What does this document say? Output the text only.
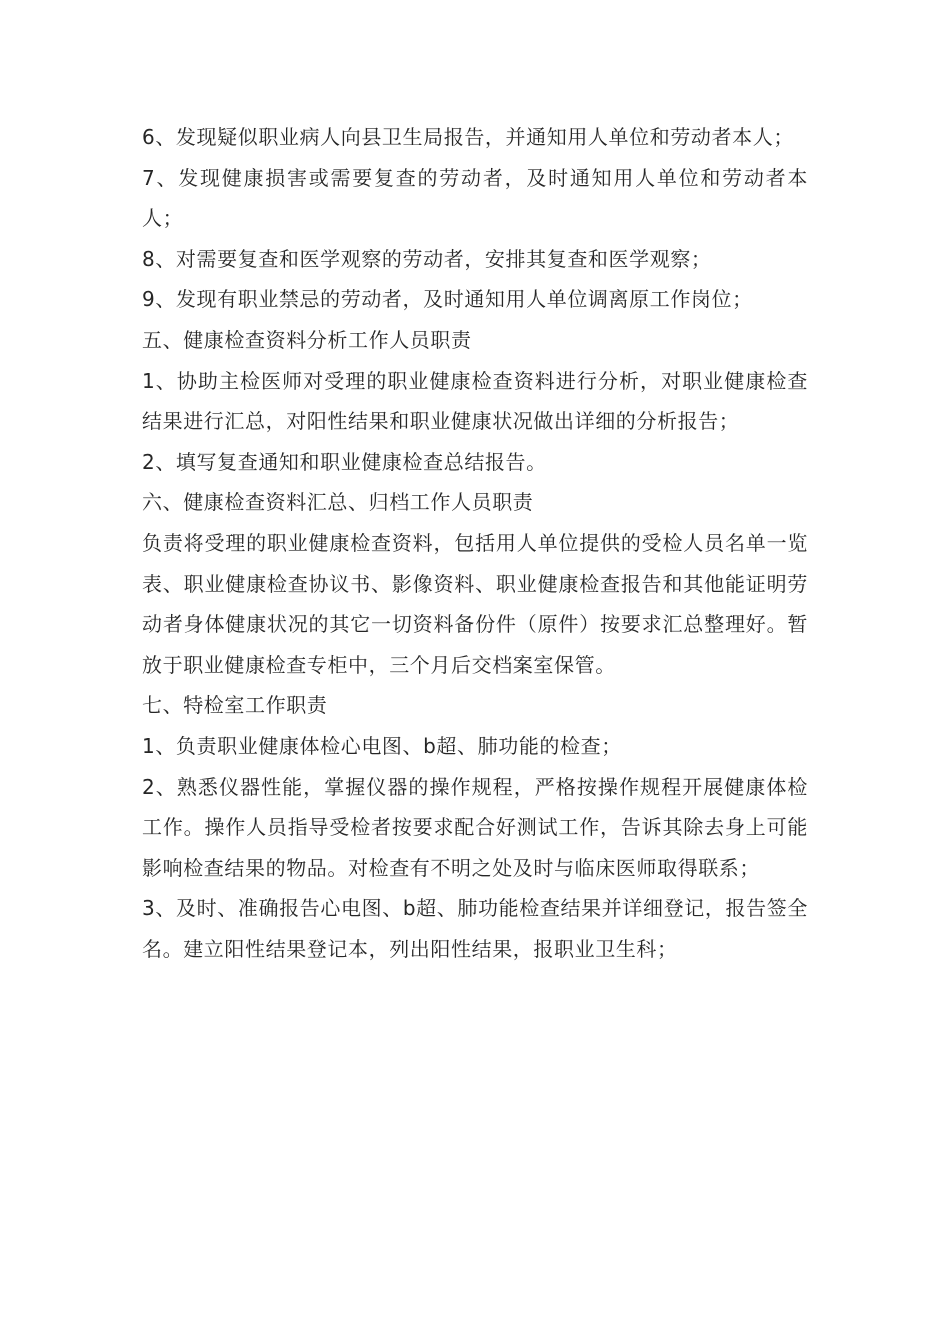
6、发现疑似职业病人向县卫生局报告，并通知用人单位和劳动者本人；

7、发现健康损害或需要复查的劳动者，及时通知用人单位和劳动者本人；

8、对需要复查和医学观察的劳动者，安排其复查和医学观察；

9、发现有职业禁忌的劳动者，及时通知用人单位调离原工作岗位；

五、健康检查资料分析工作人员职责

1、协助主检医师对受理的职业健康检查资料进行分析，对职业健康检查结果进行汇总，对阳性结果和职业健康状况做出详细的分析报告；

2、填写复查通知和职业健康检查总结报告。

六、健康检查资料汇总、归档工作人员职责

负责将受理的职业健康检查资料，包括用人单位提供的受检人员名单一览表、职业健康检查协议书、影像资料、职业健康检查报告和其他能证明劳动者身体健康状况的其它一切资料备份件（原件）按要求汇总整理好。暂放于职业健康检查专柜中，三个月后交档案室保管。

七、特检室工作职责

1、负责职业健康体检心电图、b超、肺功能的检查；

2、熟悉仪器性能，掌握仪器的操作规程，严格按操作规程开展健康体检工作。操作人员指导受检者按要求配合好测试工作，告诉其除去身上可能影响检查结果的物品。对检查有不明之处及时与临床医师取得联系；

3、及时、准确报告心电图、b超、肺功能检查结果并详细登记，报告签全名。建立阳性结果登记本，列出阳性结果，报职业卫生科；
